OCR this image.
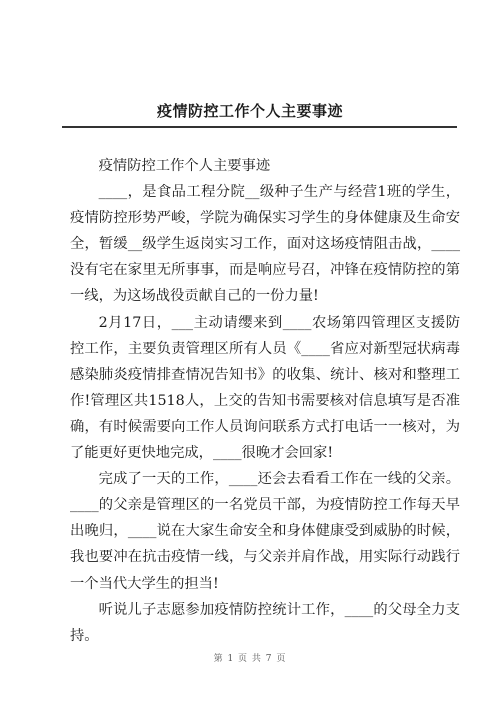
疫情防控工作个人主要事迹

疫情防控工作个人主要事迹

____，是食品工程分院__级种子生产与经营1班的学生，疫情防控形势严峻，学院为确保实习学生的身体健康及生命安全，暂缓__级学生返岗实习工作，面对这场疫情阻击战，____没有宅在家里无所事事，而是响应号召，冲锋在疫情防控的第一线，为这场战役贡献自己的一份力量!

2月17日，___主动请缨来到____农场第四管理区支援防控工作，主要负责管理区所有人员《____省应对新型冠状病毒感染肺炎疫情排查情况告知书》的收集、统计、核对和整理工作!管理区共1518人，上交的告知书需要核对信息填写是否准确，有时候需要向工作人员询问联系方式打电话一一核对，为了能更好更快地完成，____很晚才会回家!

完成了一天的工作，____还会去看看工作在一线的父亲。____的父亲是管理区的一名党员干部，为疫情防控工作每天早出晚归，____说在大家生命安全和身体健康受到威胁的时候，我也要冲在抗击疫情一线，与父亲并肩作战，用实际行动践行一个当代大学生的担当!

听说儿子志愿参加疫情防控统计工作，____的父母全力支持。

第 1 页 共 7 页
